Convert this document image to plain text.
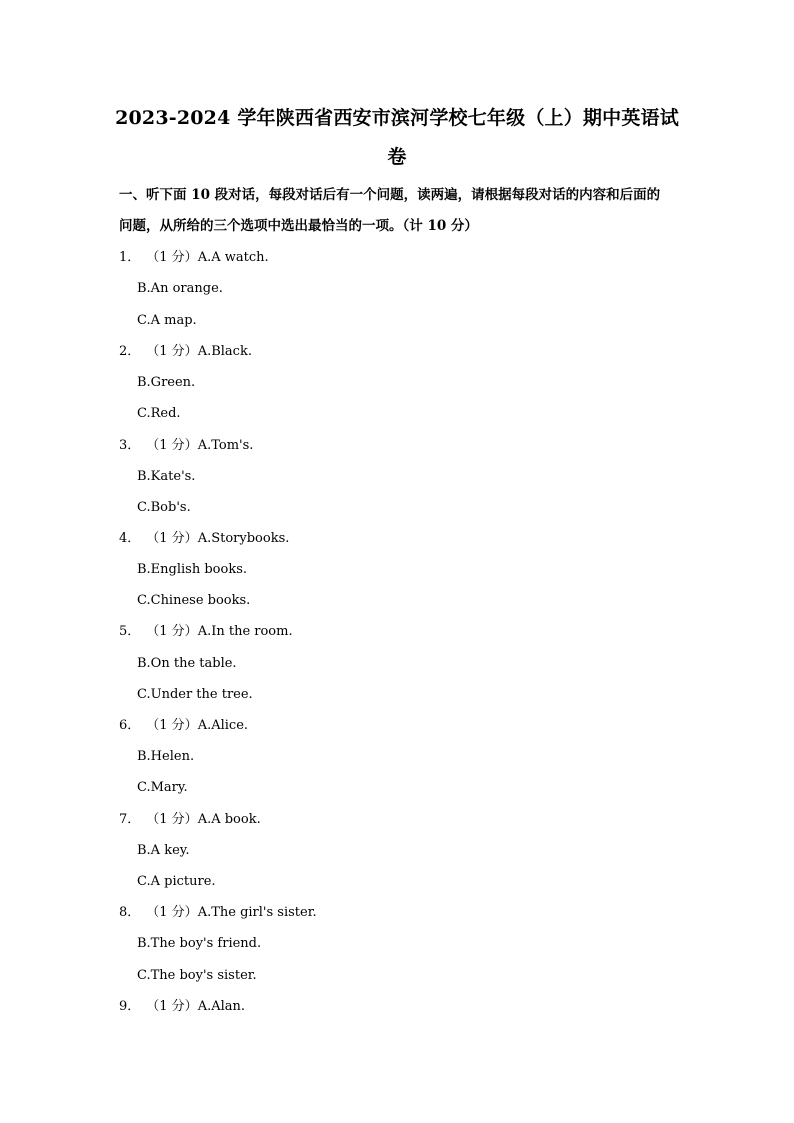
2023-2024 学年陕西省西安市滨河学校七年级（上）期中英语试
卷
一、听下面 10 段对话，每段对话后有一个问题，读两遍，请根据每段对话的内容和后面的
问题，从所给的三个选项中选出最恰当的一项。（计 10 分）
1． （1 分）A.A watch.
B.An orange.
C.A map.
2． （1 分）A.Black.
B.Green.
C.Red.
3． （1 分）A.Tom's.
B.Kate's.
C.Bob's.
4． （1 分）A.Storybooks.
B.English books.
C.Chinese books.
5． （1 分）A.In the room.
B.On the table.
C.Under the tree.
6． （1 分）A.Alice.
B.Helen.
C.Mary.
7． （1 分）A.A book.
B.A key.
C.A picture.
8． （1 分）A.The girl's sister.
B.The boy's friend.
C.The boy's sister.
9． （1 分）A.Alan.
